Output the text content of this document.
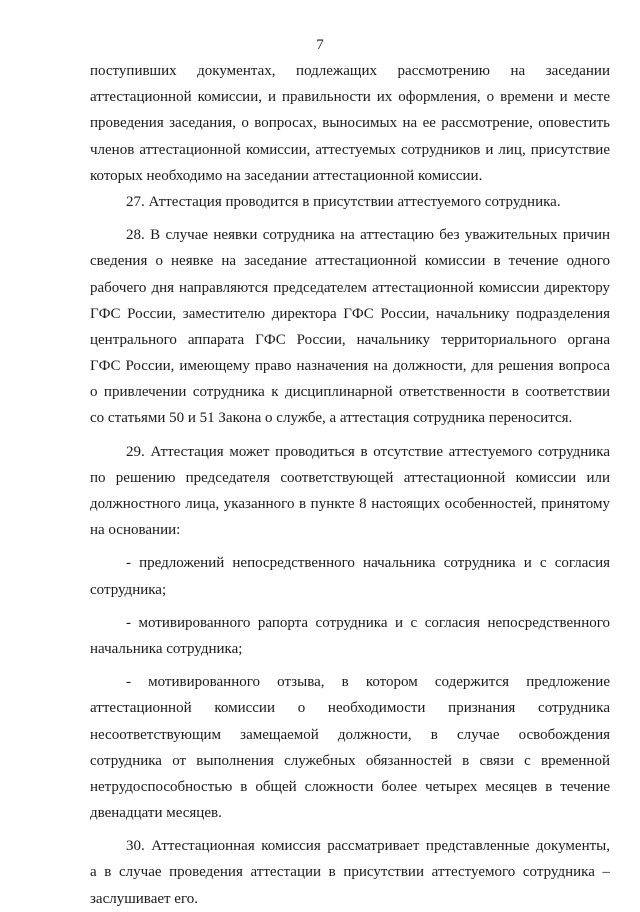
7
поступивших документах, подлежащих рассмотрению на заседании
аттестационной комиссии, и правильности их оформления, о времени и месте
проведения заседания, о вопросах, выносимых на ее рассмотрение, оповестить
членов аттестационной комиссии, аттестуемых сотрудников и лиц, присутствие
которых необходимо на заседании аттестационной комиссии.
27. Аттестация проводится в присутствии аттестуемого сотрудника.
28. В случае неявки сотрудника на аттестацию без уважительных причин
сведения о неявке на заседание аттестационной комиссии в течение одного
рабочего дня направляются председателем аттестационной комиссии директору
ГФС России, заместителю директора ГФС России, начальнику подразделения
центрального аппарата ГФС России, начальнику территориального органа
ГФС России, имеющему право назначения на должности, для решения вопроса
о привлечении сотрудника к дисциплинарной ответственности в соответствии
со статьями 50 и 51 Закона о службе, а аттестация сотрудника переносится.
29. Аттестация может проводиться в отсутствие аттестуемого сотрудника
по решению председателя соответствующей аттестационной комиссии или
должностного лица, указанного в пункте 8 настоящих особенностей, принятому
на основании:
- предложений непосредственного начальника сотрудника и с согласия
сотрудника;
- мотивированного рапорта сотрудника и с согласия непосредственного
начальника сотрудника;
- мотивированного отзыва, в котором содержится предложение
аттестационной комиссии о необходимости признания сотрудника
несоответствующим замещаемой должности, в случае освобождения
сотрудника от выполнения служебных обязанностей в связи с временной
нетрудоспособностью в общей сложности более четырех месяцев в течение
двенадцати месяцев.
30. Аттестационная комиссия рассматривает представленные документы,
а в случае проведения аттестации в присутствии аттестуемого сотрудника –
заслушивает его.
